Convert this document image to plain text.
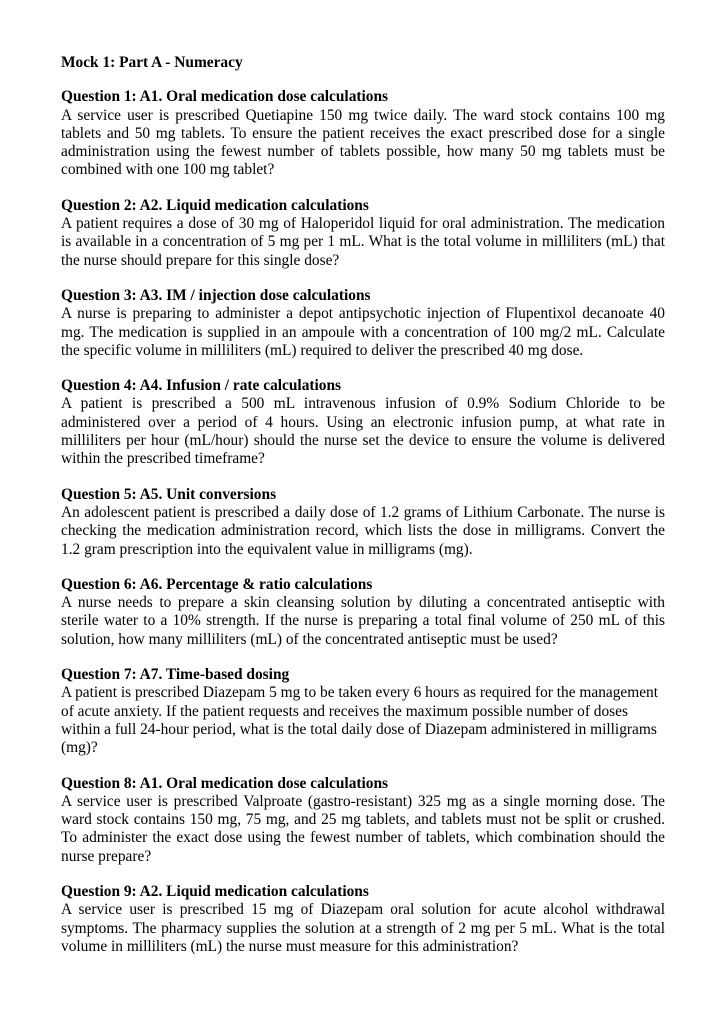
Mock 1: Part A - Numeracy

Question 1: A1. Oral medication dose calculations

A service user is prescribed Quetiapine 150 mg twice daily. The ward stock contains 100 mg tablets and 50 mg tablets. To ensure the patient receives the exact prescribed dose for a single administration using the fewest number of tablets possible, how many 50 mg tablets must be combined with one 100 mg tablet?

Question 2: A2. Liquid medication calculations

A patient requires a dose of 30 mg of Haloperidol liquid for oral administration. The medication is available in a concentration of 5 mg per 1 mL. What is the total volume in milliliters (mL) that the nurse should prepare for this single dose?

Question 3: A3. IM / injection dose calculations

A nurse is preparing to administer a depot antipsychotic injection of Flupentixol decanoate 40 mg. The medication is supplied in an ampoule with a concentration of 100 mg/2 mL. Calculate the specific volume in milliliters (mL) required to deliver the prescribed 40 mg dose.

Question 4: A4. Infusion / rate calculations

A patient is prescribed a 500 mL intravenous infusion of 0.9% Sodium Chloride to be administered over a period of 4 hours. Using an electronic infusion pump, at what rate in milliliters per hour (mL/hour) should the nurse set the device to ensure the volume is delivered within the prescribed timeframe?

Question 5: A5. Unit conversions

An adolescent patient is prescribed a daily dose of 1.2 grams of Lithium Carbonate. The nurse is checking the medication administration record, which lists the dose in milligrams. Convert the 1.2 gram prescription into the equivalent value in milligrams (mg).

Question 6: A6. Percentage & ratio calculations

A nurse needs to prepare a skin cleansing solution by diluting a concentrated antiseptic with sterile water to a 10% strength. If the nurse is preparing a total final volume of 250 mL of this solution, how many milliliters (mL) of the concentrated antiseptic must be used?

Question 7: A7. Time-based dosing

A patient is prescribed Diazepam 5 mg to be taken every 6 hours as required for the management of acute anxiety. If the patient requests and receives the maximum possible number of doses within a full 24-hour period, what is the total daily dose of Diazepam administered in milligrams (mg)?

Question 8: A1. Oral medication dose calculations

A service user is prescribed Valproate (gastro-resistant) 325 mg as a single morning dose. The ward stock contains 150 mg, 75 mg, and 25 mg tablets, and tablets must not be split or crushed. To administer the exact dose using the fewest number of tablets, which combination should the nurse prepare?

Question 9: A2. Liquid medication calculations

A service user is prescribed 15 mg of Diazepam oral solution for acute alcohol withdrawal symptoms. The pharmacy supplies the solution at a strength of 2 mg per 5 mL. What is the total volume in milliliters (mL) the nurse must measure for this administration?
